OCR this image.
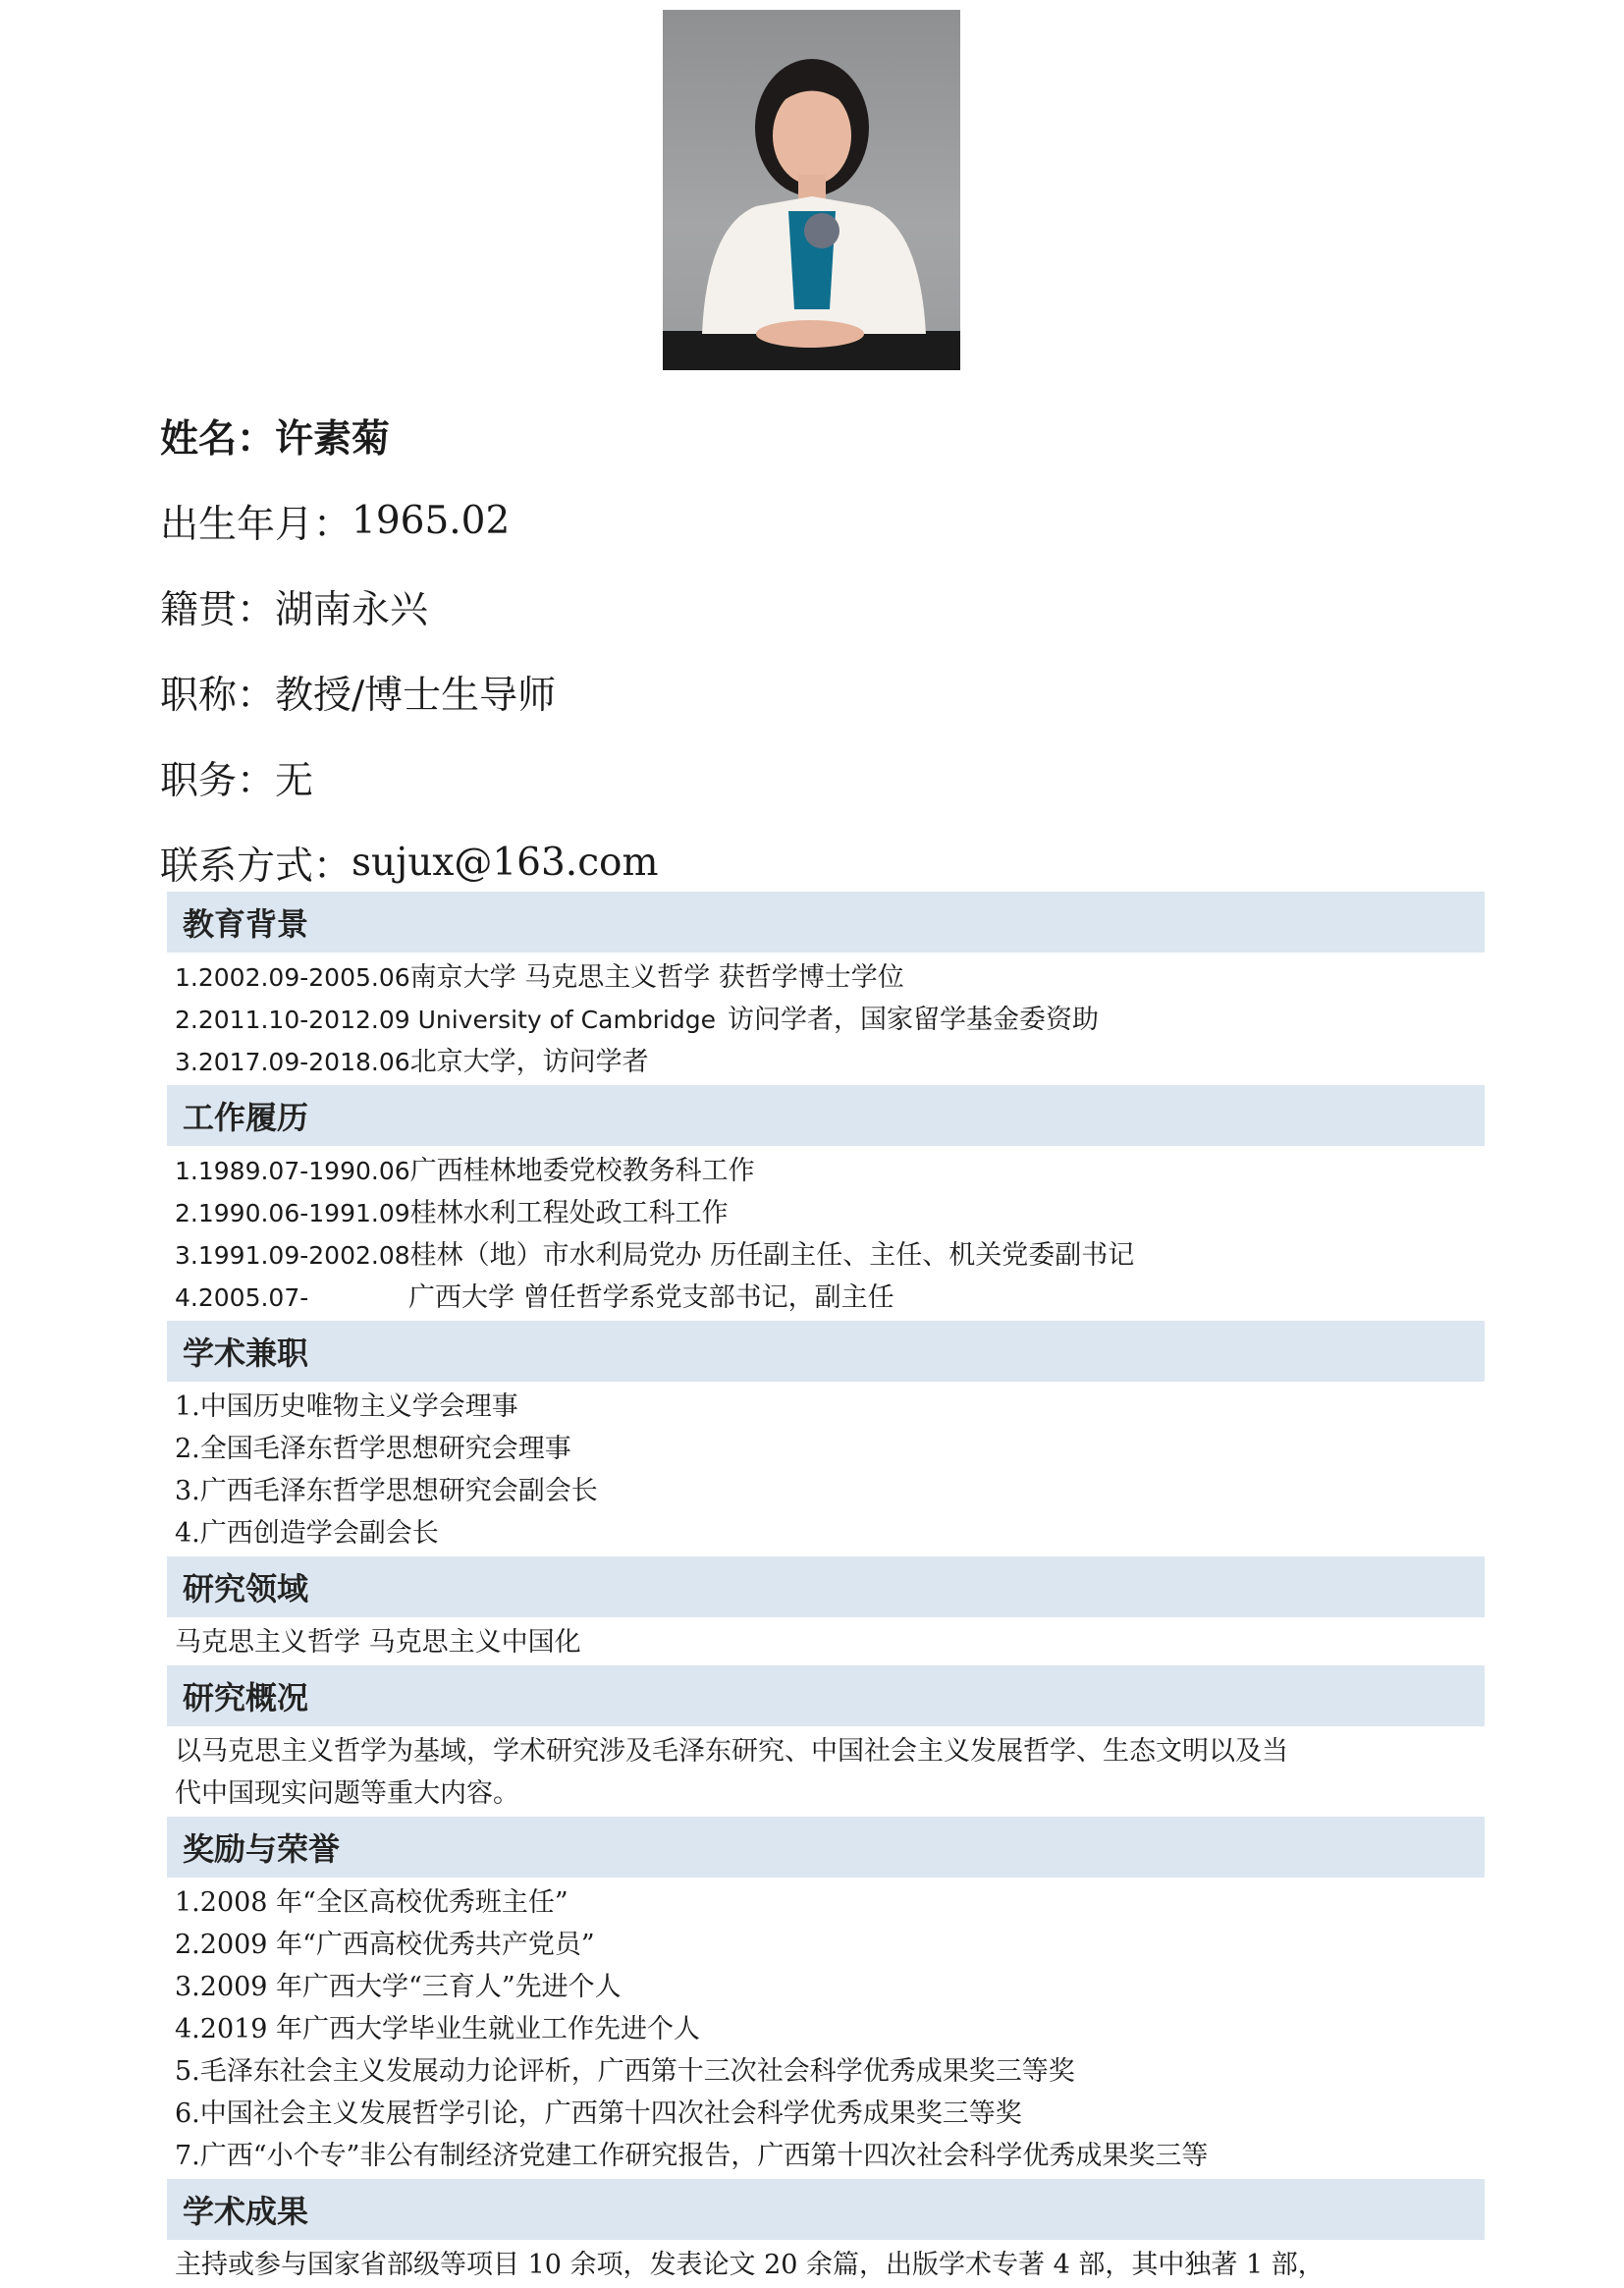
姓名： 许素菊
出生年月： 1965.02
籍贯： 湖南永兴
职称： 教授/博士生导师
职务： 无
联系方式： sujux@163.com
教育背景
1.2002.09-2005.06南京大学 马克思主义哲学 获哲学博士学位
2.2011.10-2012.09 University of Cambridge 访问学者，国家留学基金委资助
3.2017.09-2018.06北京大学，访问学者
工作履历
1.1989.07-1990.06广西桂林地委党校教务科工作
2.1990.06-1991.09桂林水利工程处政工科工作
3.1991.09-2002.08桂林（地）市水利局党办 历任副主任、主任、机关党委副书记
4.2005.07-	广西大学 曾任哲学系党支部书记，副主任
学术兼职
1.中国历史唯物主义学会理事
2.全国毛泽东哲学思想研究会理事
3.广西毛泽东哲学思想研究会副会长
4.广西创造学会副会长
研究领域
马克思主义哲学 马克思主义中国化
研究概况
以马克思主义哲学为基域，学术研究涉及毛泽东研究、中国社会主义发展哲学、生态文明以及当
代中国现实问题等重大内容。
奖励与荣誉
1.2008 年“全区高校优秀班主任”
2.2009 年“广西高校优秀共产党员”
3.2009 年广西大学“三育人”先进个人
4.2019 年广西大学毕业生就业工作先进个人
5.毛泽东社会主义发展动力论评析，广西第十三次社会科学优秀成果奖三等奖
6.中国社会主义发展哲学引论，广西第十四次社会科学优秀成果奖三等奖
7.广西“小个专”非公有制经济党建工作研究报告，广西第十四次社会科学优秀成果奖三等
学术成果
主持或参与国家省部级等项目 10 余项，发表论文 20 余篇，出版学术专著 4 部，其中独著 1 部，
